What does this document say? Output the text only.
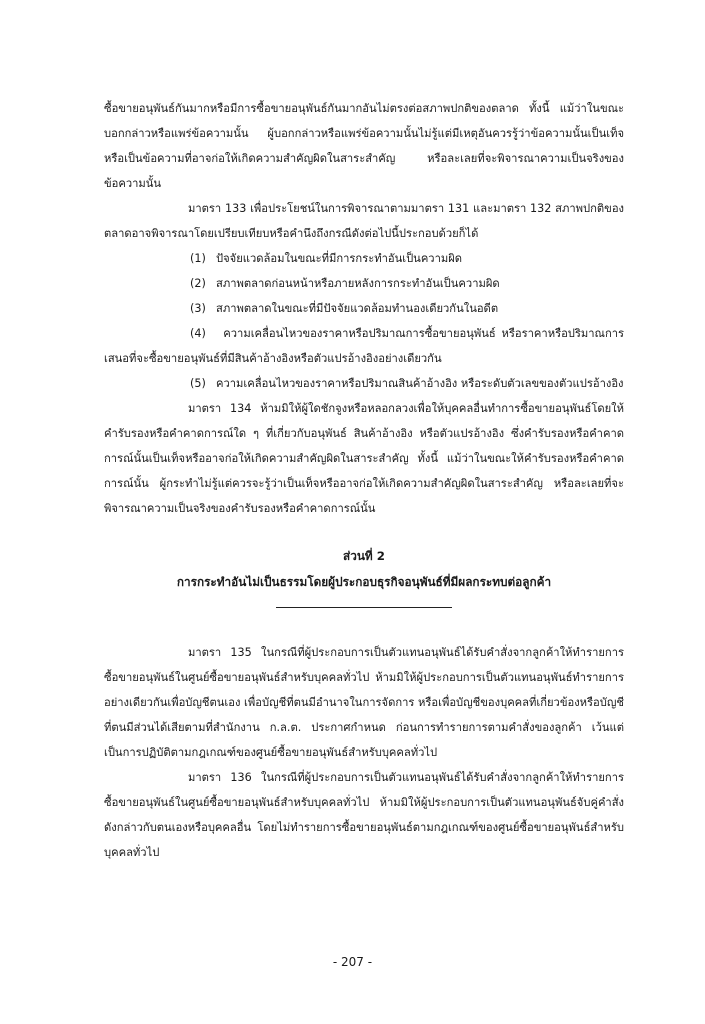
ซื้อขายอนุพันธ์กันมากหรือมีการซื้อขายอนุพันธ์กันมากอันไม่ตรงต่อสภาพปกติของตลาด ทั้งนี้ แม้ว่าในขณะบอกกล่าวหรือแพร่ข้อความนั้น ผู้บอกกล่าวหรือแพร่ข้อความนั้นไม่รู้แต่มีเหตุอันควรรู้ว่าข้อความนั้นเป็นเท็จหรือเป็นข้อความที่อาจก่อให้เกิดความสำคัญผิดในสาระสำคัญ หรือละเลยที่จะพิจารณาความเป็นจริงของข้อความนั้น

มาตรา 133 เพื่อประโยชน์ในการพิจารณาตามมาตรา 131 และมาตรา 132 สภาพปกติของตลาดอาจพิจารณาโดยเปรียบเทียบหรือคำนึงถึงกรณีดังต่อไปนี้ประกอบด้วยก็ได้

(1) ปัจจัยแวดล้อมในขณะที่มีการกระทำอันเป็นความผิด

(2) สภาพตลาดก่อนหน้าหรือภายหลังการกระทำอันเป็นความผิด

(3) สภาพตลาดในขณะที่มีปัจจัยแวดล้อมทำนองเดียวกันในอดีต

(4) ความเคลื่อนไหวของราคาหรือปริมาณการซื้อขายอนุพันธ์ หรือราคาหรือปริมาณการเสนอที่จะซื้อขายอนุพันธ์ที่มีสินค้าอ้างอิงหรือตัวแปรอ้างอิงอย่างเดียวกัน

(5) ความเคลื่อนไหวของราคาหรือปริมาณสินค้าอ้างอิง หรือระดับตัวเลขของตัวแปรอ้างอิง

มาตรา 134 ห้ามมิให้ผู้ใดชักจูงหรือหลอกลวงเพื่อให้บุคคลอื่นทำการซื้อขายอนุพันธ์โดยให้คำรับรองหรือคำคาดการณ์ใด ๆ ที่เกี่ยวกับอนุพันธ์ สินค้าอ้างอิง หรือตัวแปรอ้างอิง ซึ่งคำรับรองหรือคำคาดการณ์นั้นเป็นเท็จหรืออาจก่อให้เกิดความสำคัญผิดในสาระสำคัญ ทั้งนี้ แม้ว่าในขณะให้คำรับรองหรือคำคาดการณ์นั้น ผู้กระทำไม่รู้แต่ควรจะรู้ว่าเป็นเท็จหรืออาจก่อให้เกิดความสำคัญผิดในสาระสำคัญ หรือละเลยที่จะพิจารณาความเป็นจริงของคำรับรองหรือคำคาดการณ์นั้น

ส่วนที่ 2
การกระทำอันไม่เป็นธรรมโดยผู้ประกอบธุรกิจอนุพันธ์ที่มีผลกระทบต่อลูกค้า

มาตรา 135 ในกรณีที่ผู้ประกอบการเป็นตัวแทนอนุพันธ์ได้รับคำสั่งจากลูกค้าให้ทำรายการซื้อขายอนุพันธ์ในศูนย์ซื้อขายอนุพันธ์สำหรับบุคคลทั่วไป ห้ามมิให้ผู้ประกอบการเป็นตัวแทนอนุพันธ์ทำรายการอย่างเดียวกันเพื่อบัญชีตนเอง เพื่อบัญชีที่ตนมีอำนาจในการจัดการ หรือเพื่อบัญชีของบุคคลที่เกี่ยวข้องหรือบัญชีที่ตนมีส่วนได้เสียตามที่สำนักงาน ก.ล.ต. ประกาศกำหนด ก่อนการทำรายการตามคำสั่งของลูกค้า เว้นแต่เป็นการปฏิบัติตามกฎเกณฑ์ของศูนย์ซื้อขายอนุพันธ์สำหรับบุคคลทั่วไป

มาตรา 136 ในกรณีที่ผู้ประกอบการเป็นตัวแทนอนุพันธ์ได้รับคำสั่งจากลูกค้าให้ทำรายการซื้อขายอนุพันธ์ในศูนย์ซื้อขายอนุพันธ์สำหรับบุคคลทั่วไป ห้ามมิให้ผู้ประกอบการเป็นตัวแทนอนุพันธ์จับคู่คำสั่งดังกล่าวกับตนเองหรือบุคคลอื่น โดยไม่ทำรายการซื้อขายอนุพันธ์ตามกฎเกณฑ์ของศูนย์ซื้อขายอนุพันธ์สำหรับบุคคลทั่วไป

- 207 -
